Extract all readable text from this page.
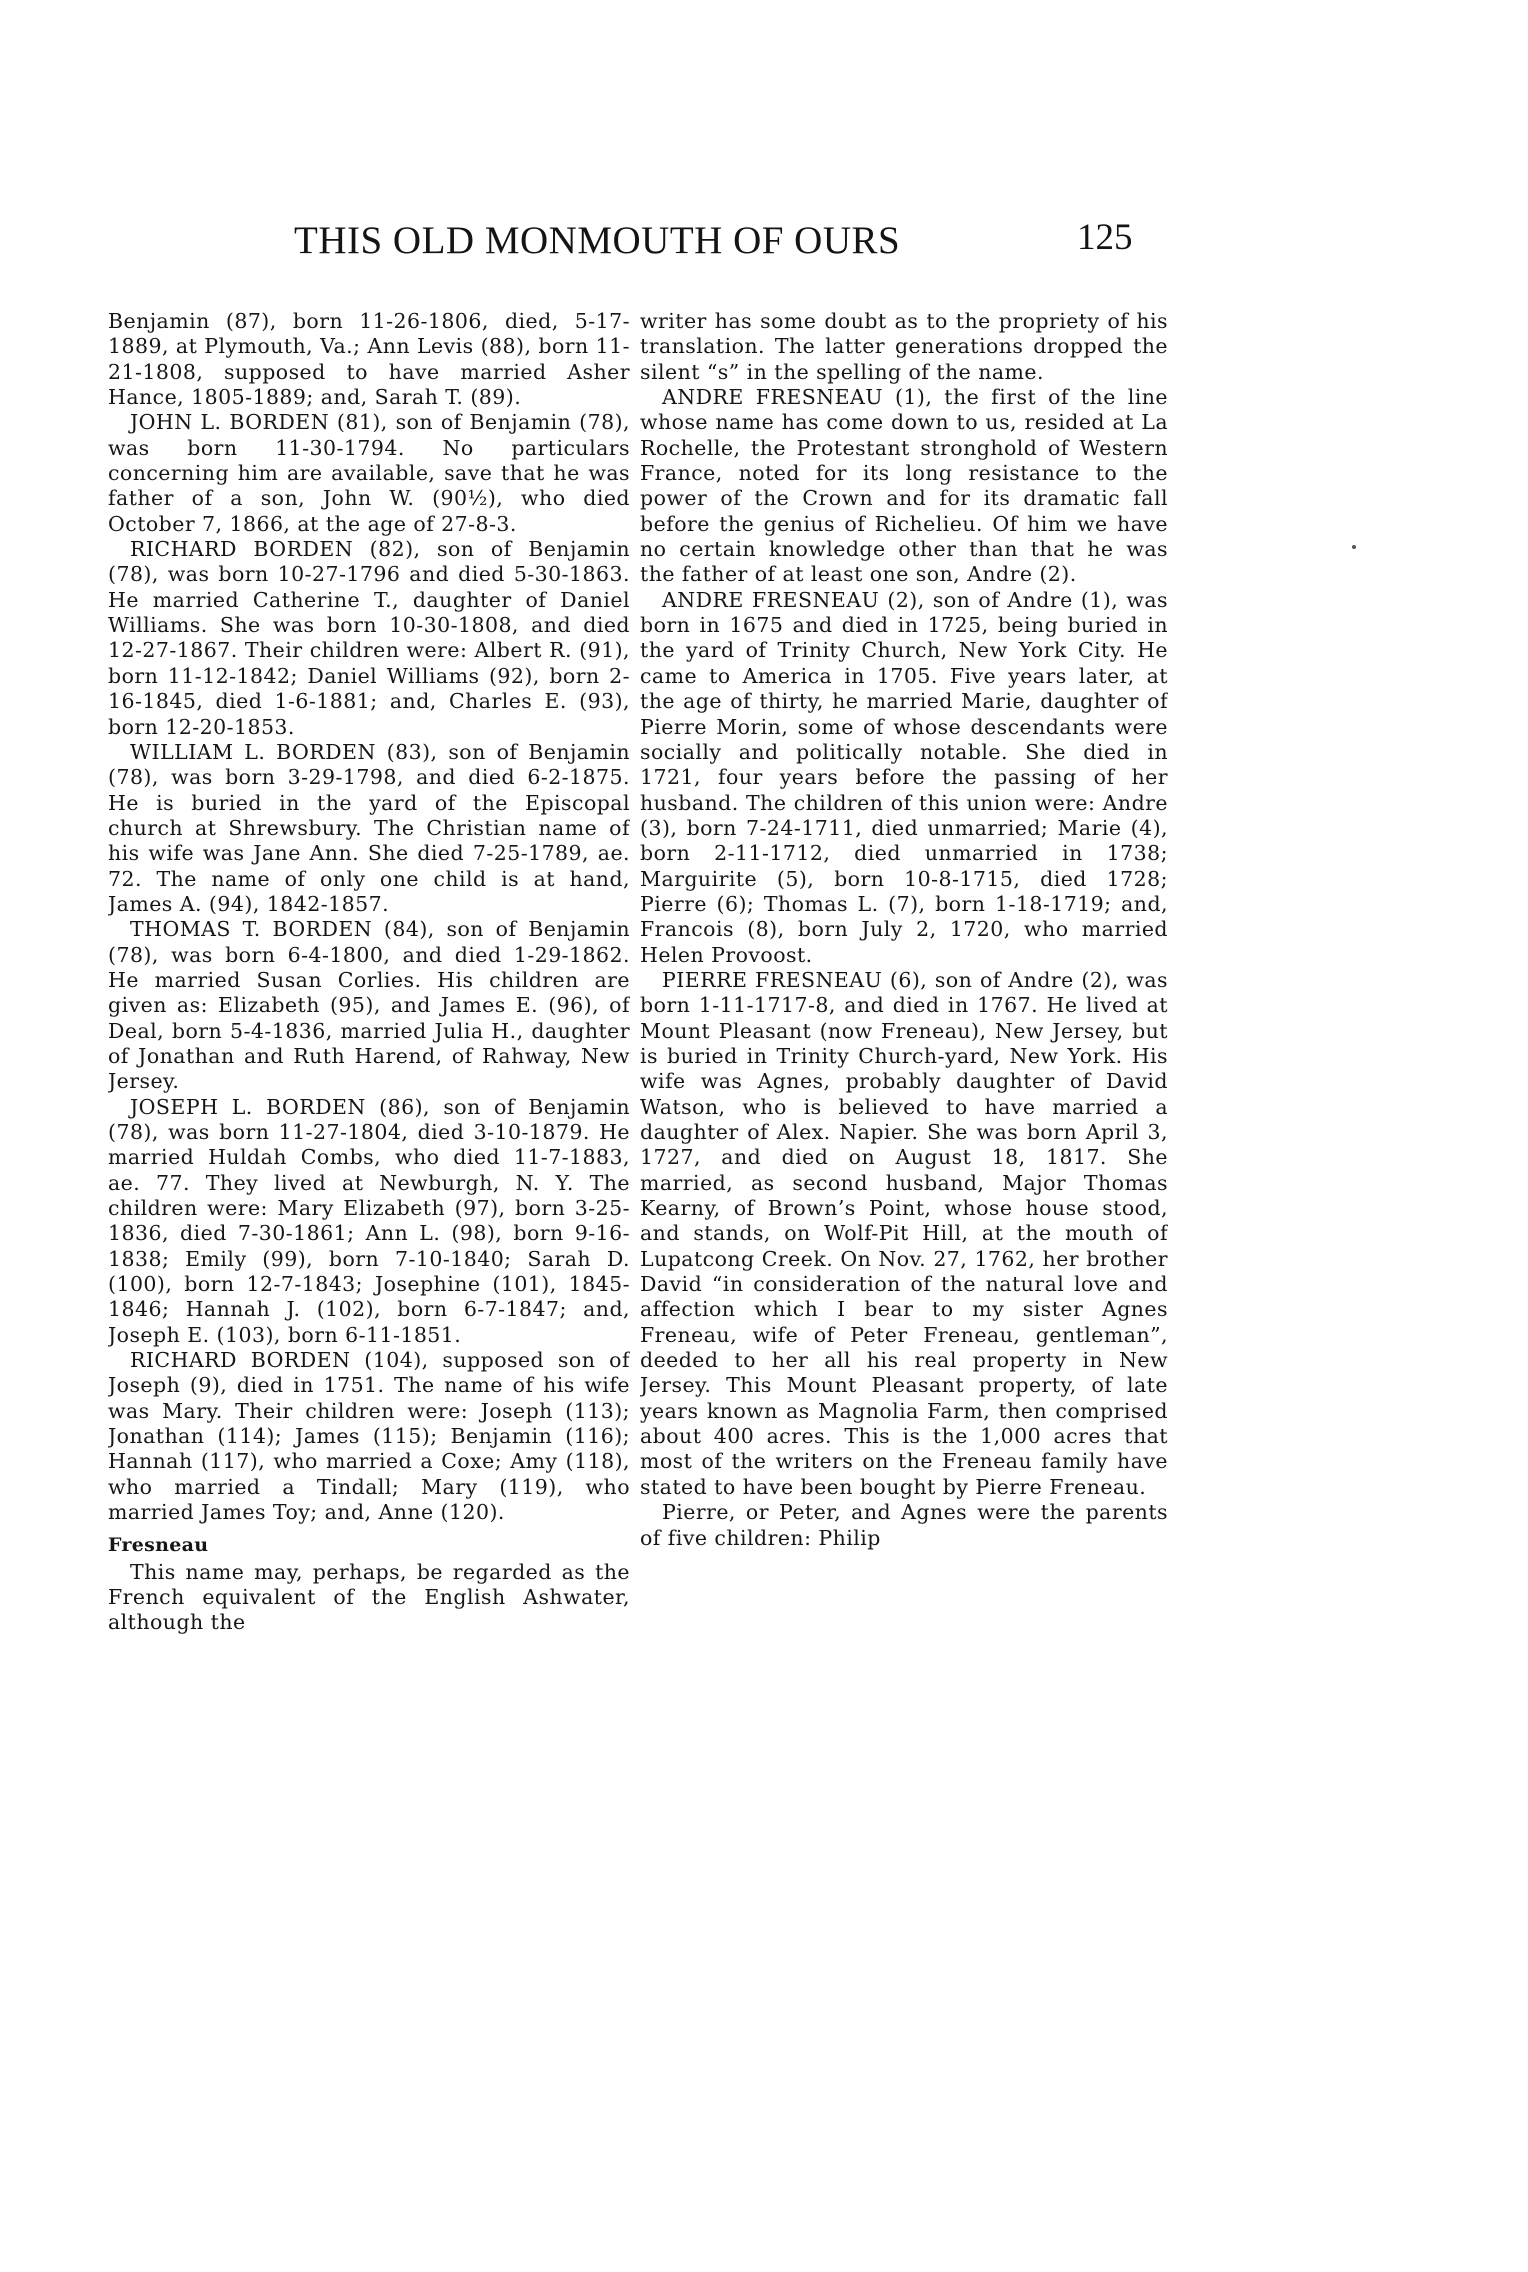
THIS OLD MONMOUTH OF OURS	125

Benjamin (87), born 11-26-1806, died, 5-17-1889, at Plymouth, Va.; Ann Levis (88), born 11-21-1808, supposed to have married Asher Hance, 1805-1889; and, Sarah T. (89).

JOHN L. BORDEN (81), son of Benjamin (78), was born 11-30-1794. No particulars concerning him are available, save that he was father of a son, John W. (90½), who died October 7, 1866, at the age of 27-8-3.

RICHARD BORDEN (82), son of Benjamin (78), was born 10-27-1796 and died 5-30-1863. He married Catherine T., daughter of Daniel Williams. She was born 10-30-1808, and died 12-27-1867. Their children were: Albert R. (91), born 11-12-1842; Daniel Williams (92), born 2-16-1845, died 1-6-1881; and, Charles E. (93), born 12-20-1853.

WILLIAM L. BORDEN (83), son of Benjamin (78), was born 3-29-1798, and died 6-2-1875. He is buried in the yard of the Episcopal church at Shrewsbury. The Christian name of his wife was Jane Ann. She died 7-25-1789, ae. 72. The name of only one child is at hand, James A. (94), 1842-1857.

THOMAS T. BORDEN (84), son of Benjamin (78), was born 6-4-1800, and died 1-29-1862. He married Susan Corlies. His children are given as: Elizabeth (95), and James E. (96), of Deal, born 5-4-1836, married Julia H., daughter of Jonathan and Ruth Harend, of Rahway, New Jersey.

JOSEPH L. BORDEN (86), son of Benjamin (78), was born 11-27-1804, died 3-10-1879. He married Huldah Combs, who died 11-7-1883, ae. 77. They lived at Newburgh, N. Y. The children were: Mary Elizabeth (97), born 3-25-1836, died 7-30-1861; Ann L. (98), born 9-16-1838; Emily (99), born 7-10-1840; Sarah D. (100), born 12-7-1843; Josephine (101), 1845-1846; Hannah J. (102), born 6-7-1847; and, Joseph E. (103), born 6-11-1851.

RICHARD BORDEN (104), supposed son of Joseph (9), died in 1751. The name of his wife was Mary. Their children were: Joseph (113); Jonathan (114); James (115); Benjamin (116); Hannah (117), who married a Coxe; Amy (118), who married a Tindall; Mary (119), who married James Toy; and, Anne (120).

Fresneau

This name may, perhaps, be regarded as the French equivalent of the English Ashwater, although the

writer has some doubt as to the propriety of his translation. The latter generations dropped the silent “s” in the spelling of the name.

ANDRE FRESNEAU (1), the first of the line whose name has come down to us, resided at La Rochelle, the Protestant stronghold of Western France, noted for its long resistance to the power of the Crown and for its dramatic fall before the genius of Richelieu. Of him we have no certain knowledge other than that he was the father of at least one son, Andre (2).

ANDRE FRESNEAU (2), son of Andre (1), was born in 1675 and died in 1725, being buried in the yard of Trinity Church, New York City. He came to America in 1705. Five years later, at the age of thirty, he married Marie, daughter of Pierre Morin, some of whose descendants were socially and politically notable. She died in 1721, four years before the passing of her husband. The children of this union were: Andre (3), born 7-24-1711, died unmarried; Marie (4), born 2-11-1712, died unmarried in 1738; Marguirite (5), born 10-8-1715, died 1728; Pierre (6); Thomas L. (7), born 1-18-1719; and, Francois (8), born July 2, 1720, who married Helen Provoost.

PIERRE FRESNEAU (6), son of Andre (2), was born 1-11-1717-8, and died in 1767. He lived at Mount Pleasant (now Freneau), New Jersey, but is buried in Trinity Church-yard, New York. His wife was Agnes, probably daughter of David Watson, who is believed to have married a daughter of Alex. Napier. She was born April 3, 1727, and died on August 18, 1817. She married, as second husband, Major Thomas Kearny, of Brown’s Point, whose house stood, and stands, on Wolf-Pit Hill, at the mouth of Lupatcong Creek. On Nov. 27, 1762, her brother David “in consideration of the natural love and affection which I bear to my sister Agnes Freneau, wife of Peter Freneau, gentleman”, deeded to her all his real property in New Jersey. This Mount Pleasant property, of late years known as Magnolia Farm, then comprised about 400 acres. This is the 1,000 acres that most of the writers on the Freneau family have stated to have been bought by Pierre Freneau.

Pierre, or Peter, and Agnes were the parents of five children: Philip
